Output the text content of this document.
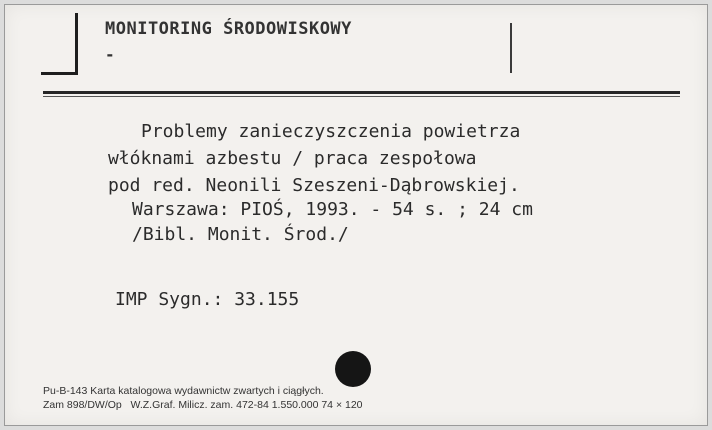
MONITORING ŚRODOWISKOWY
-
Problemy zanieczyszczenia powietrza
włóknami azbestu / praca zespołowa
pod red. Neonili Szeszeni-Dąbrowskiej.
Warszawa: PIOŚ, 1993. - 54 s. ; 24 cm
/Bibl. Monit. Środ./
IMP Sygn.: 33.155
Pu-B-143 Karta katalogowa wydawnictw zwartych i ciągłych.
Zam 898/DW/Op   W.Z.Graf. Milicz. zam. 472-84 1.550.000 74 × 120
